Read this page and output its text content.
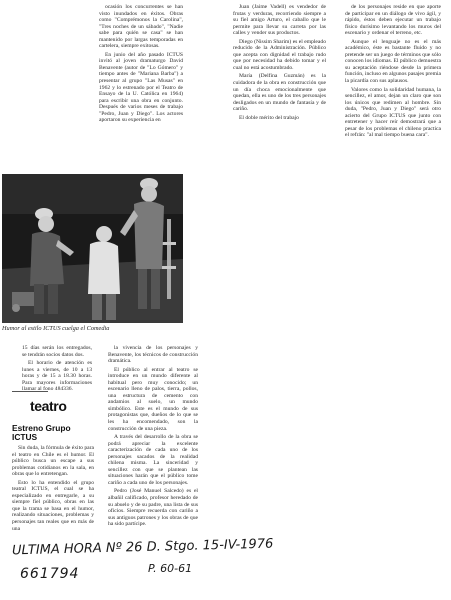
ocasión los concurrentes se han visto inundados en éxitos. Obras como "Comprémonos la Carolina", "Tres noches de un sábado", "Nadie sabe para quién se casa" se han mantenido por largas temporadas en cartelera, siempre exitosas.

En junio del año pasado ICTUS invitó al joven dramaturgo David Benavente (autor de "Lo Gómero" y tiempo antes de "Mariana Barba") a presentar al grupo "Las Musas" en 1962 y lo estrenado por el Teatro de Ensayo de la U. Católica en 1964) para escribir una obra en conjunto. Después de varios meses de trabajo "Pedro, Juan y Diego". Los actores aportaron su experiencia en

Juan (Jaime Vadell) es vendedor de frutas y verduras, recorriendo siempre a su fiel amigo Arturo, el caballo que le permite para llevar su carreta por las calles y vender sus productos.

Diego (Nissim Sharim) es el empleado reducido de la Administración. Público que acepta con dignidad el trabajo rudo que por necesidad ha debido tomar y el cual no está acostumbrado.

María (Delfina Guzmán) es la cuidadora de la obra en construcción que un día choca emocionalmente que quedan, ella es uno de los tres personajes desligados en un mundo de fantasía y de cariño.

El doble mérito del trabajo

de los personajes reside en que aporte de participar en un diálogo de vivo ágil, y rápido, éstos deben ejecutar un trabajo físico durísimo levantando los muros del escenario y ordenar el terreno, etc.

Aunque el lenguaje no es el más académico, éste es bastante fluido y no pretende ser un juego de términos que sólo conocen los idiomas. El público demuestra su aceptación riéndose desde la primera función, incluso en algunos pasajes premia la picardía con sus aplausos.

Valores como la solidaridad humana, la sencillez, el amor, dejan un claro que son los únicos que redimen al hombre. Sin duda, "Pedro, Juan y Diego" será otro acierto del Grupo ICTUS que junto con entretener y hacer reír demostrará que a pesar de los problemas el chileno practica el refrán: "al mal tiempo buena cara".

Humor al estilo ICTUS cuelga el Comedia

15 días serán los entregados, se tendrán socios datos dos.

El horario de atención es lunes a viernes, de 10 a 13 horas y de 15 a 18.30 horas. Para mayores informaciones llamar al fono 484336.

teatro
Estreno Grupo ICTUS

Sin duda, la fórmula de éxito para el teatro en Chile es el humor. El público busca un escape a sus problemas cotidianos en la sala, en obras que lo entretengan.

Esto lo ha entendido el grupo teatral ICTUS, el cual se ha especializado en entregarle, a su siempre fiel público, obras en las que la trama se basa en el humor, realizando situaciones, problemas y personajes tan reales que en más de una

la vivencia de los personajes y Benavente, los técnicos de construcción dramática.

El público al entrar al teatro se introduce en un mundo diferente al habitual pero muy conocido; un escenario lleno de palos, tierra, pollos, una estructura de cemento con andamios al suelo, un mundo simbólico. Este es el mundo de sus protagonistas que, dueños de lo que se les ha encomendado, son la construcción de una pieza.

A través del desarrollo de la obra se podrá apreciar la excelente caracterización de cada uno de los personajes sacados de la realidad chilena misma. La sinceridad y sencillez con que se plantean las situaciones harán que el público tome cariño a cada uno de los personajes.

Pedro (José Manuel Salcedo) es el albañil calificado, profesor heredado de su abuelo y de su padre, una lista de sus oficios. Siempre recuerda con cariño a sus antiguos patrones y los obras de que ha sido partícipe.

ULTIMA HORA Nº 26 D. Stgo. 15-IV-1976
P. 60-61
661794
